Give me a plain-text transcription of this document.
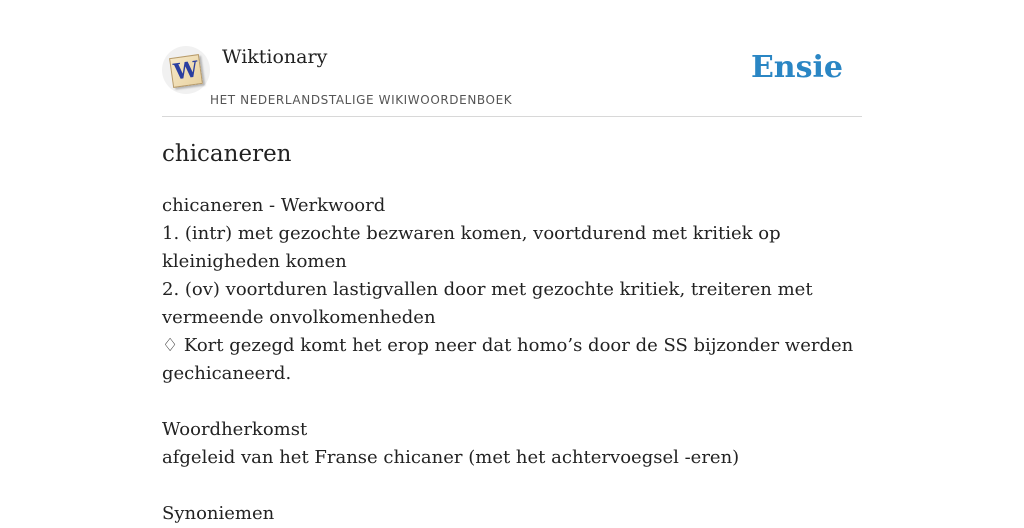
W Wiktionary
HET NEDERLANDSTALIGE WIKIWOORDENBOEK
Ensie
chicaneren
chicaneren - Werkwoord
1. (intr) met gezochte bezwaren komen, voortdurend met kritiek op kleinigheden komen
2. (ov) voortduren lastigvallen door met gezochte kritiek, treiteren met vermeende onvolkomenheden
♢ Kort gezegd komt het erop neer dat homo’s door de SS bijzonder werden gechicaneerd.
Woordherkomst
afgeleid van het Franse chicaner (met het achtervoegsel -eren)
Synoniemen
